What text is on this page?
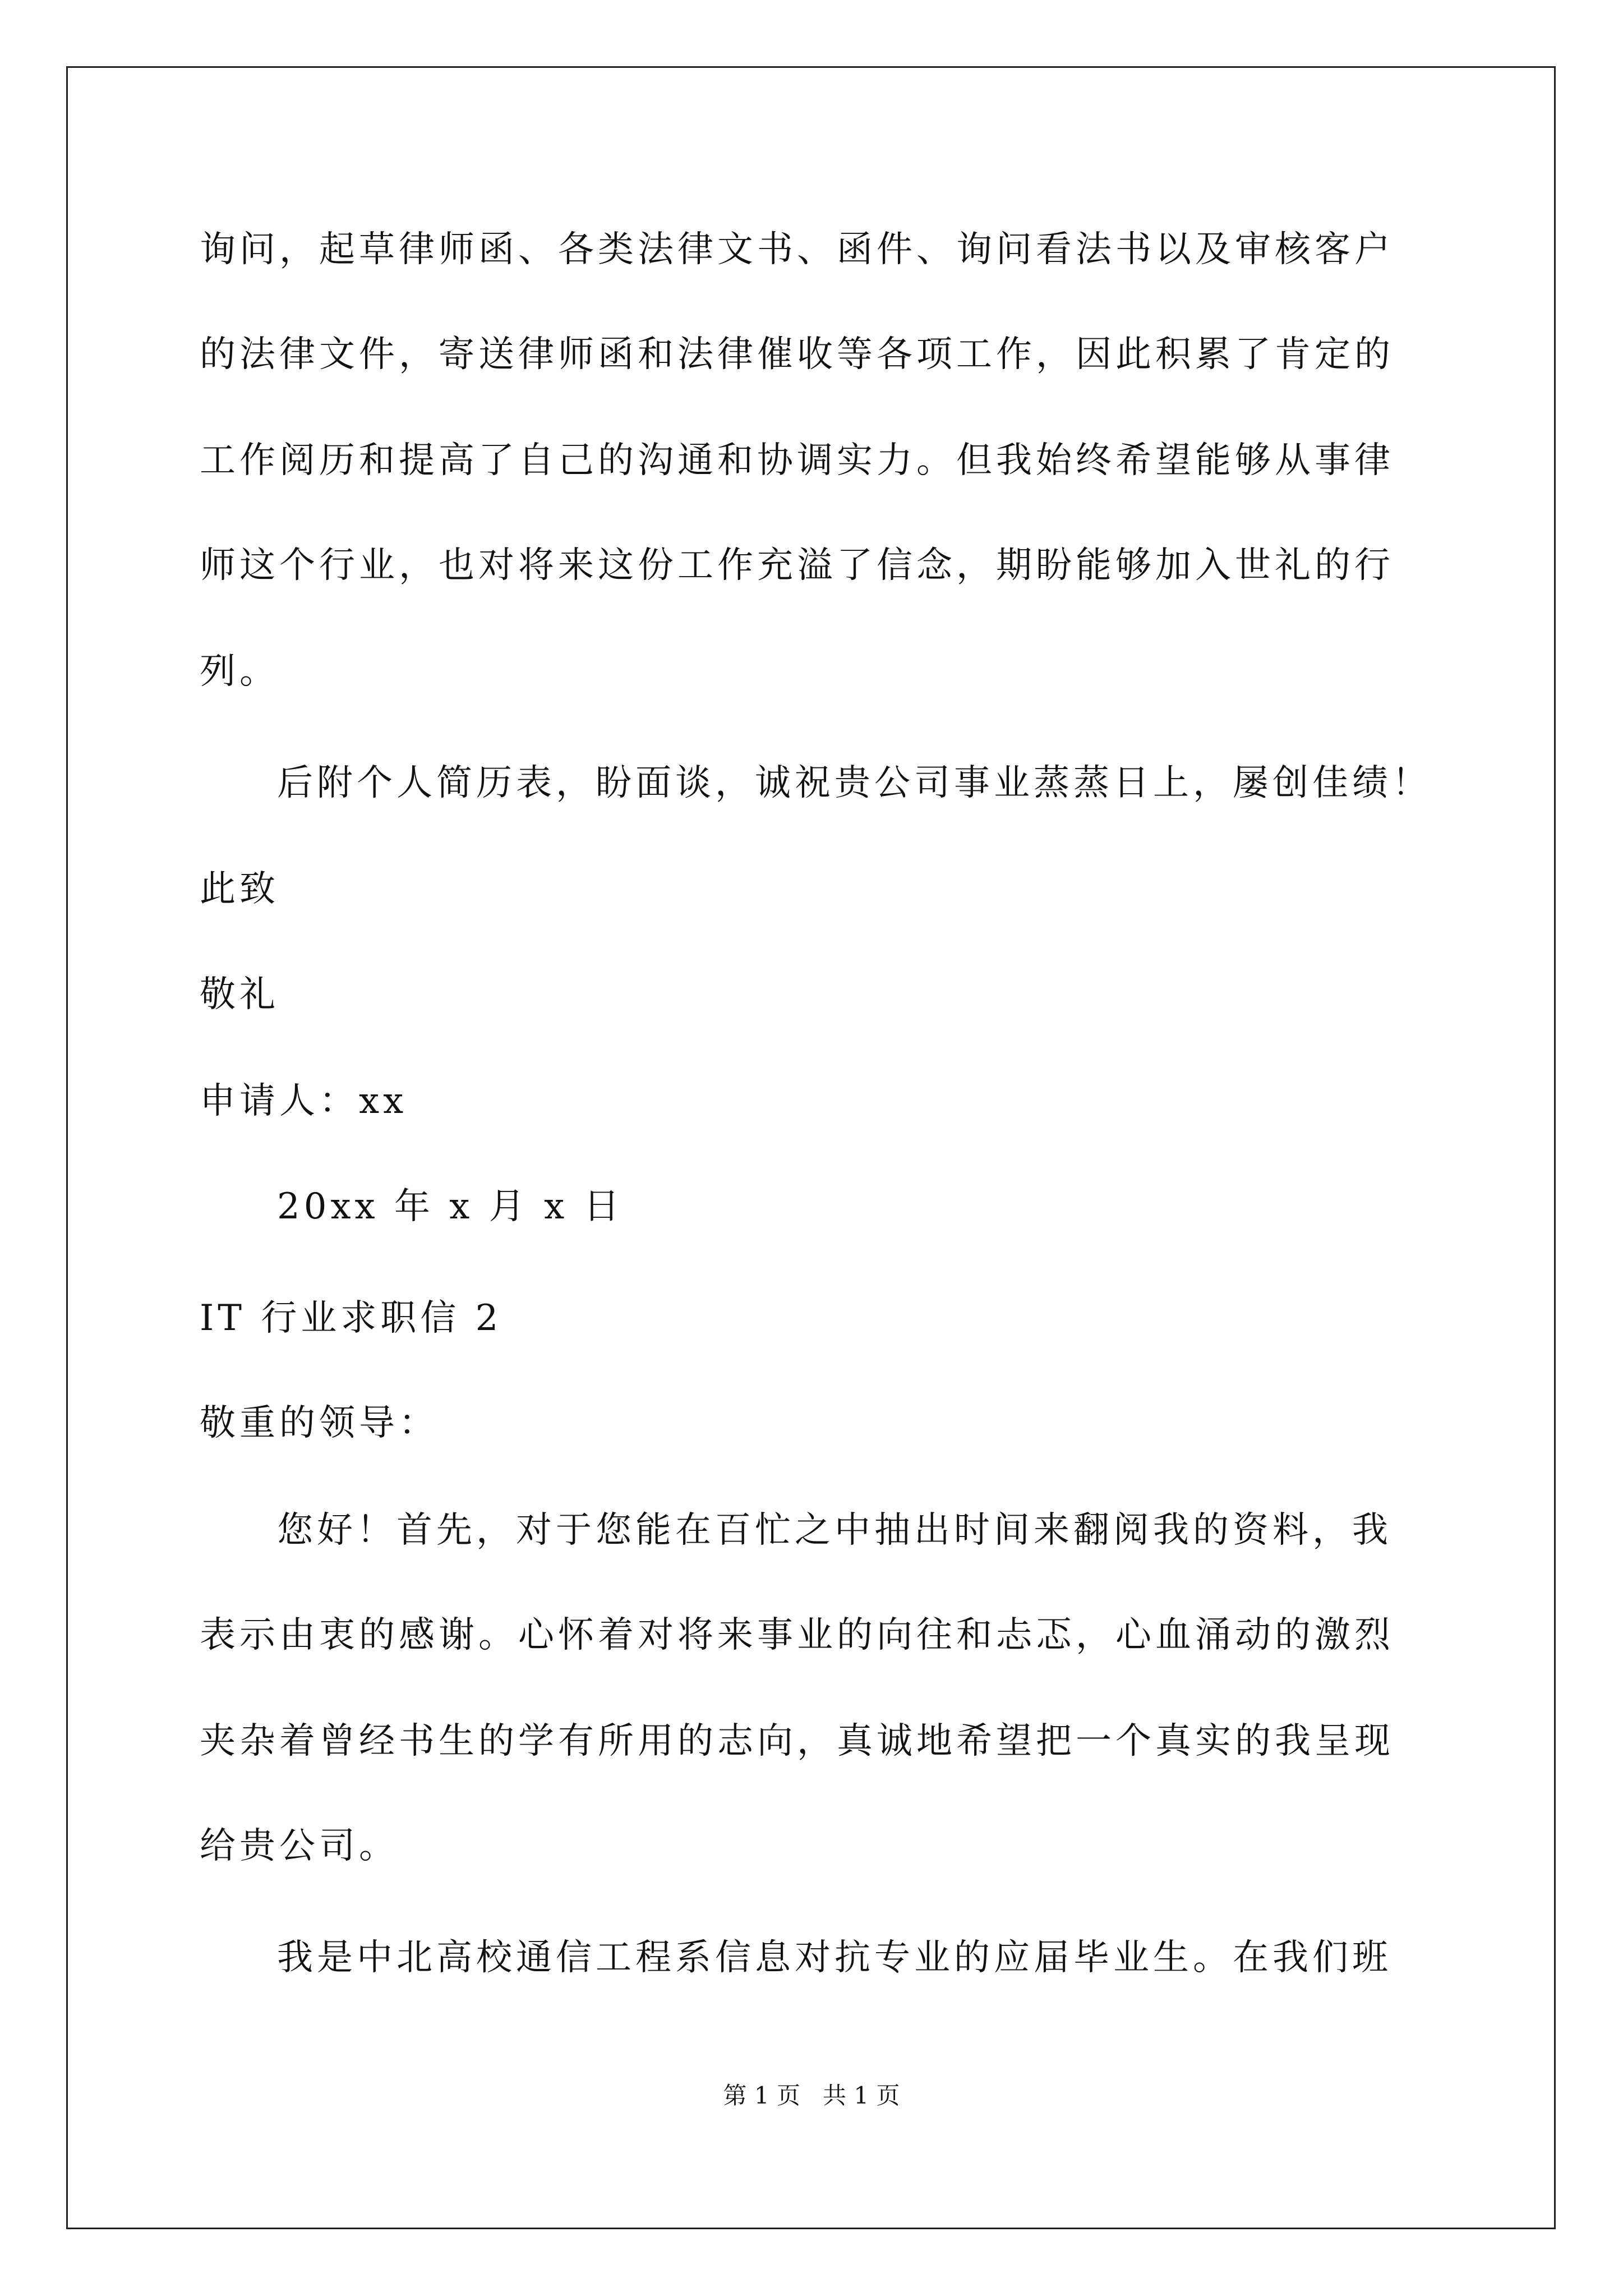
询问，起草律师函、各类法律文书、函件、询问看法书以及审核客户
的法律文件，寄送律师函和法律催收等各项工作，因此积累了肯定的
工作阅历和提高了自己的沟通和协调实力。但我始终希望能够从事律
师这个行业，也对将来这份工作充溢了信念，期盼能够加入世礼的行
列。
后附个人简历表，盼面谈，诚祝贵公司事业蒸蒸日上，屡创佳绩！
此致
敬礼
申请人：xx
20xx 年 x 月 x 日
IT 行业求职信 2
敬重的领导：
您好！首先，对于您能在百忙之中抽出时间来翻阅我的资料，我
表示由衷的感谢。心怀着对将来事业的向往和忐忑，心血涌动的激烈
夹杂着曾经书生的学有所用的志向，真诚地希望把一个真实的我呈现
给贵公司。
我是中北高校通信工程系信息对抗专业的应届毕业生。在我们班
第 1 页   共 1 页
